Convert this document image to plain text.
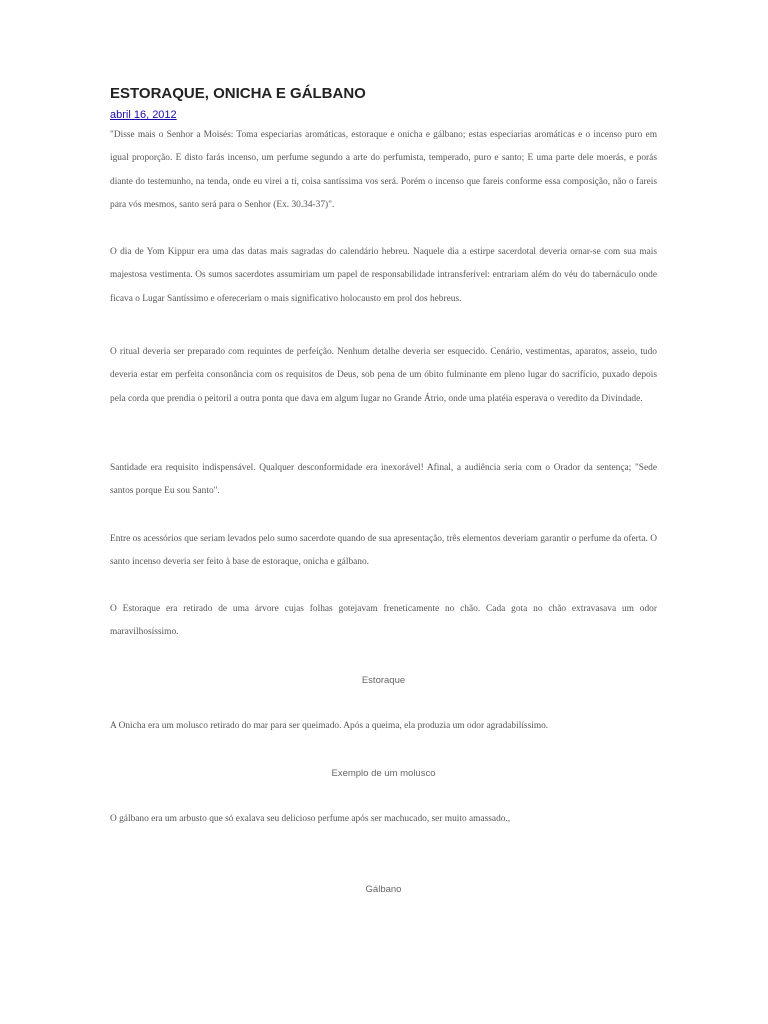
ESTORAQUE, ONICHA E GÁLBANO
abril 16, 2012

"Disse mais o Senhor a Moisés: Toma especiarias aromáticas, estoraque e onicha e gálbano; estas especiarias aromáticas e o incenso puro em igual proporção. E disto farás incenso, um perfume segundo a arte do perfumista, temperado, puro e santo; E uma parte dele moerás, e porás diante do testemunho, na tenda, onde eu virei a ti, coisa santíssima vos será. Porém o incenso que fareis conforme essa composição, não o fareis para vós mesmos, santo será para o Senhor (Ex. 30.34-37)".

O dia de Yom Kippur era uma das datas mais sagradas do calendário hebreu. Naquele dia a estirpe sacerdotal deveria ornar-se com sua mais majestosa vestimenta. Os sumos sacerdotes assumiriam um papel de responsabilidade intransferível: entrariam além do véu do tabernáculo onde ficava o Lugar Santíssimo e ofereceriam o mais significativo holocausto em prol dos hebreus.

O ritual deveria ser preparado com requintes de perfeição. Nenhum detalhe deveria ser esquecido. Cenário, vestimentas, aparatos, asseio, tudo deveria estar em perfeita consonância com os requisitos de Deus, sob pena de um óbito fulminante em pleno lugar do sacrifício, puxado depois pela corda que prendia o peitoril a outra ponta que dava em algum lugar no Grande Átrio, onde uma platéia esperava o veredito da Divindade.

Santidade era requisito indispensável. Qualquer desconformidade era inexorável! Afinal, a audiência seria com o Orador da sentença; "Sede santos porque Eu sou Santo".

Entre os acessórios que seriam levados pelo sumo sacerdote quando de sua apresentação, três elementos deveriam garantir o perfume da oferta. O santo incenso deveria ser feito à base de estoraque, onicha e gálbano.

O Estoraque era retirado de uma árvore cujas folhas gotejavam freneticamente no chão. Cada gota no chão extravasava um odor maravilhosíssimo.

Estoraque

A Onicha era um molusco retirado do mar para ser queimado. Após a queima, ela produzia um odor agradabilíssimo.

Exemplo de um molusco

O gálbano era um arbusto que só exalava seu delicioso perfume após ser machucado, ser muito amassado.,

Gálbano
